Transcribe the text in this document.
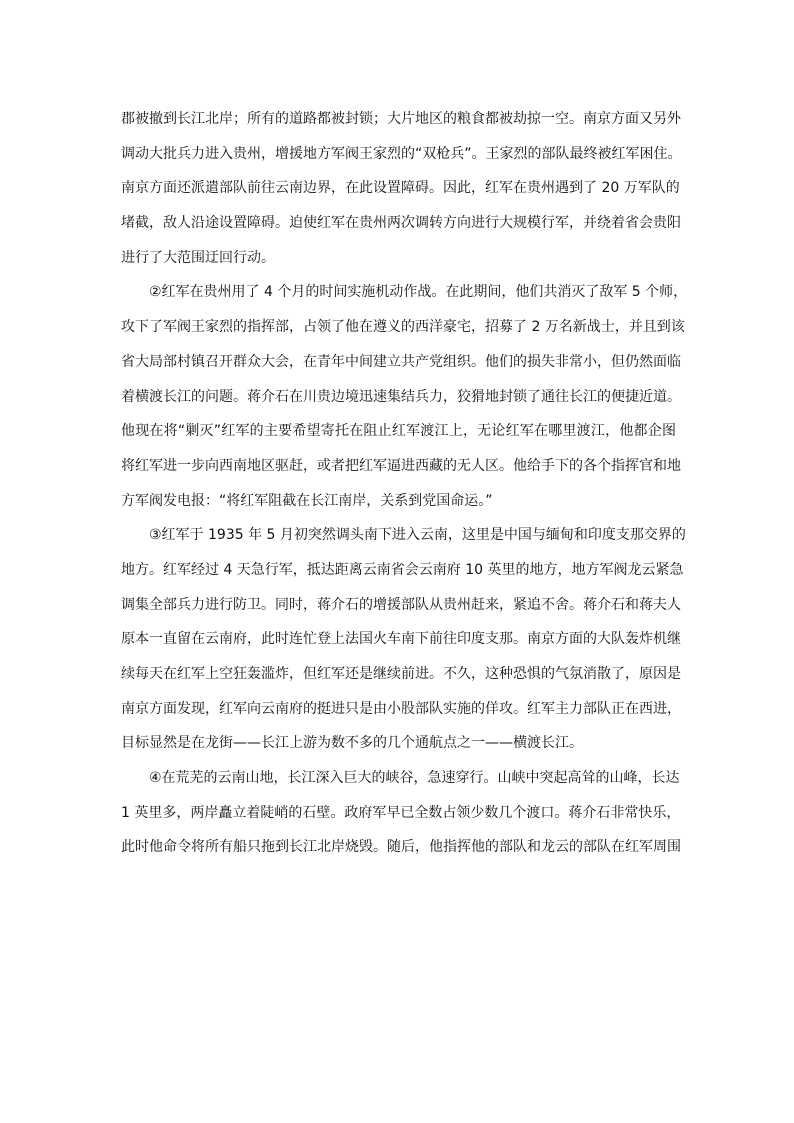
郡被撤到长江北岸；所有的道路都被封锁；大片地区的粮食都被劫掠一空。南京方面又另外
调动大批兵力进入贵州，增援地方军阀王家烈的“双枪兵”。王家烈的部队最终被红军困住。
南京方面还派遣部队前往云南边界，在此设置障碍。因此，红军在贵州遇到了 20 万军队的
堵截，敌人沿途设置障碍。迫使红军在贵州两次调转方向进行大规模行军，并绕着省会贵阳
进行了大范围迂回行动。
②红军在贵州用了 4 个月的时间实施机动作战。在此期间，他们共消灭了敌军 5 个师，
攻下了军阀王家烈的指挥部，占领了他在遵义的西洋豪宅，招募了 2 万名新战士，并且到该
省大局部村镇召开群众大会，在青年中间建立共产党组织。他们的损失非常小，但仍然面临
着横渡长江的问题。蒋介石在川贵边境迅速集结兵力，狡猾地封锁了通往长江的便捷近道。
他现在将“剿灭”红军的主要希望寄托在阻止红军渡江上，无论红军在哪里渡江，他都企图
将红军进一步向西南地区驱赶，或者把红军逼进西藏的无人区。他给手下的各个指挥官和地
方军阀发电报：“将红军阻截在长江南岸，关系到党国命运。”
③红军于 1935 年 5 月初突然调头南下进入云南，这里是中国与缅甸和印度支那交界的
地方。红军经过 4 天急行军，抵达距离云南省会云南府 10 英里的地方，地方军阀龙云紧急
调集全部兵力进行防卫。同时，蒋介石的增援部队从贵州赶来，紧追不舍。蒋介石和蒋夫人
原本一直留在云南府，此时连忙登上法国火车南下前往印度支那。南京方面的大队轰炸机继
续每天在红军上空狂轰滥炸，但红军还是继续前进。不久，这种恐惧的气氛消散了，原因是
南京方面发现，红军向云南府的挺进只是由小股部队实施的佯攻。红军主力部队正在西进，
目标显然是在龙街——长江上游为数不多的几个通航点之一——横渡长江。
④在荒芜的云南山地，长江深入巨大的峡谷，急速穿行。山峡中突起高耸的山峰，长达
1 英里多，两岸矗立着陡峭的石壁。政府军早已全数占领少数几个渡口。蒋介石非常快乐，
此时他命令将所有船只拖到长江北岸烧毁。随后，他指挥他的部队和龙云的部队在红军周围
